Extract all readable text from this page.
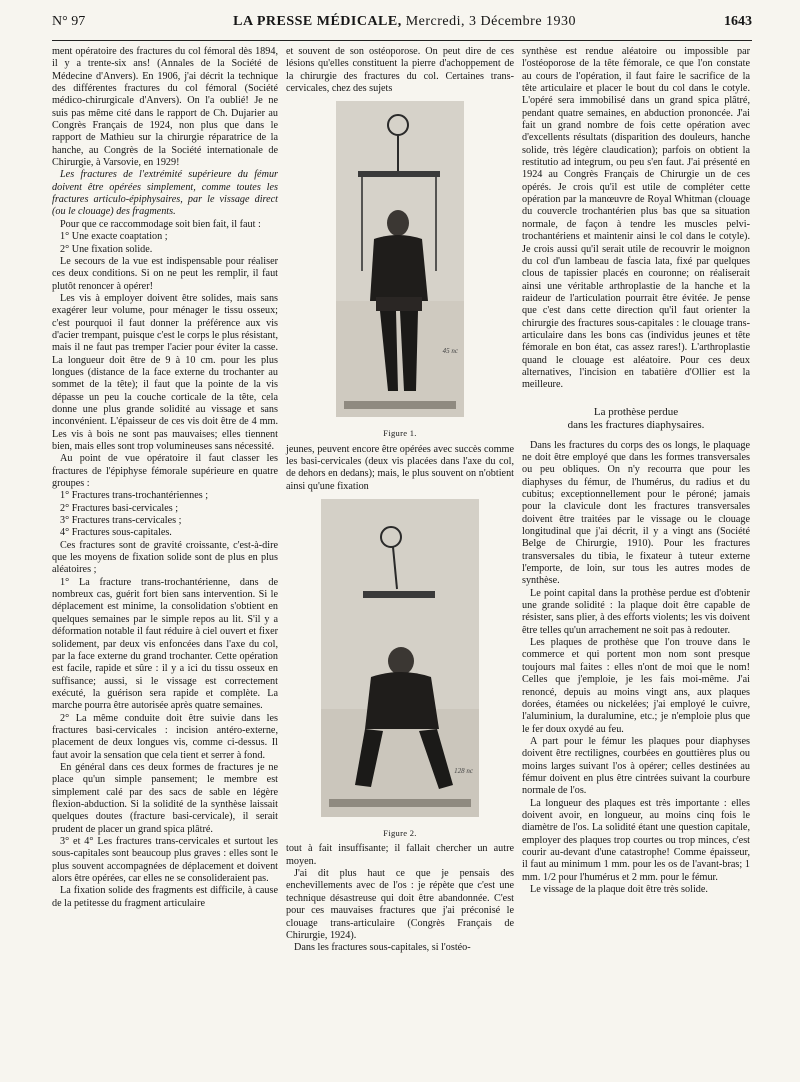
N° 97	LA PRESSE MÉDICALE, Mercredi, 3 Décembre 1930	1643

ment opératoire des fractures du col fémoral dès 1894, il y a trente-six ans! (Annales de la Société de Médecine d'Anvers). En 1906, j'ai décrit la technique des différentes fractures du col fémoral (Société médico-chirurgicale d'Anvers). On l'a oublié! Je ne suis pas même cité dans le rapport de Ch. Dujarier au Congrès Français de 1924, non plus que dans le rapport de Mathieu sur la chirurgie réparatrice de la hanche, au Congrès de la Société internationale de Chirurgie, à Varsovie, en 1929!

Les fractures de l'extrémité supérieure du fémur doivent être opérées simplement, comme toutes les fractures articulo-épiphysaires, par le vissage direct (ou le clouage) des fragments.

Pour que ce raccommodage soit bien fait, il faut :

1° Une exacte coaptation ;

2° Une fixation solide.

Le secours de la vue est indispensable pour réaliser ces deux conditions. Si on ne peut les remplir, il faut plutôt renoncer à opérer!

Les vis à employer doivent être solides, mais sans exagérer leur volume, pour ménager le tissu osseux; c'est pourquoi il faut donner la préférence aux vis d'acier trempant, puisque c'est le corps le plus résistant, mais il ne faut pas tremper l'acier pour éviter la casse. La longueur doit être de 9 à 10 cm. pour les plus longues (distance de la face externe du trochanter au sommet de la tête); il faut que la pointe de la vis dépasse un peu la couche corticale de la tête, cela donne une plus grande solidité au vissage et sans inconvénient. L'épaisseur de ces vis doit être de 4 mm. Les vis à bois ne sont pas mauvaises; elles tiennent bien, mais elles sont trop volumineuses sans nécessité.

Au point de vue opératoire il faut classer les fractures de l'épiphyse fémorale supérieure en quatre groupes :

1° Fractures trans-trochantériennes ;

2° Fractures basi-cervicales ;

3° Fractures trans-cervicales ;

4° Fractures sous-capitales.

Ces fractures sont de gravité croissante, c'est-à-dire que les moyens de fixation solide sont de plus en plus aléatoires ;

1° La fracture trans-trochantérienne, dans de nombreux cas, guérit fort bien sans intervention. Si le déplacement est minime, la consolidation s'obtient en quelques semaines par le simple repos au lit. S'il y a déformation notable il faut réduire à ciel ouvert et fixer solidement, par deux vis enfoncées dans l'axe du col, par la face externe du grand trochanter. Cette opération est facile, rapide et sûre : il y a ici du tissu osseux en suffisance; aussi, si le vissage est correctement exécuté, la guérison sera rapide et complète. La marche pourra être autorisée après quatre semaines.

2° La même conduite doit être suivie dans les fractures basi-cervicales : incision antéro-externe, placement de deux longues vis, comme ci-dessus. Il faut avoir la sensation que cela tient et serrer à fond.

En général dans ces deux formes de fractures je ne place qu'un simple pansement; le membre est simplement calé par des sacs de sable en légère flexion-abduction. Si la solidité de la synthèse laissait quelques doutes (fracture basi-cervicale), il serait prudent de placer un grand spica plâtré.

3° et 4° Les fractures trans-cervicales et surtout les sous-capitales sont beaucoup plus graves : elles sont le plus souvent accompagnées de déplacement et doivent alors être opérées, car elles ne se consolideraient pas.

La fixation solide des fragments est difficile, à cause de la petitesse du fragment articulaire

et souvent de son ostéoporose. On peut dire de ces lésions qu'elles constituent la pierre d'achoppement de la chirurgie des fractures du col. Certaines trans-cervicales, chez des sujets

45 nc
Figure 1.

jeunes, peuvent encore être opérées avec succès comme les basi-cervicales (deux vis placées dans l'axe du col, de dehors en dedans); mais, le plus souvent on n'obtient ainsi qu'une fixation

128 nc
Figure 2.

tout à fait insuffisante; il fallait chercher un autre moyen.

J'ai dit plus haut ce que je pensais des enchevillements avec de l'os : je répète que c'est une technique désastreuse qui doit être abandonnée. C'est pour ces mauvaises fractures que j'ai préconisé le clouage trans-articulaire (Congrès Français de Chirurgie, 1924).

Dans les fractures sous-capitales, si l'ostéo-

synthèse est rendue aléatoire ou impossible par l'ostéoporose de la tête fémorale, ce que l'on constate au cours de l'opération, il faut faire le sacrifice de la tête articulaire et placer le bout du col dans le cotyle. L'opéré sera immobilisé dans un grand spica plâtré, pendant quatre semaines, en abduction prononcée. J'ai fait un grand nombre de fois cette opération avec d'excellents résultats (disparition des douleurs, hanche solide, très légère claudication); parfois on obtient la restitutio ad integrum, ou peu s'en faut. J'ai présenté en 1924 au Congrès Français de Chirurgie un de ces opérés. Je crois qu'il est utile de compléter cette opération par la manœuvre de Royal Whitman (clouage du couvercle trochantérien plus bas que sa situation normale, de façon à tendre les muscles pelvi-trochantériens et maintenir ainsi le col dans le cotyle). Je crois aussi qu'il serait utile de recouvrir le moignon du col d'un lambeau de fascia lata, fixé par quelques clous de tapissier placés en couronne; on réaliserait ainsi une véritable arthroplastie de la hanche et la raideur de l'articulation pourrait être évitée. Je pense que c'est dans cette direction qu'il faut orienter la chirurgie des fractures sous-capitales : le clouage trans-articulaire dans les bons cas (individus jeunes et tête fémorale en bon état, cas assez rares!). L'arthroplastie quand le clouage est aléatoire. Pour ces deux alternatives, l'incision en tabatière d'Ollier est la meilleure.

La prothèse perdue
dans les fractures diaphysaires.

Dans les fractures du corps des os longs, le plaquage ne doit être employé que dans les formes transversales ou peu obliques. On n'y recourra que pour les diaphyses du fémur, de l'humérus, du radius et du cubitus; exceptionnellement pour le péroné; jamais pour la clavicule dont les fractures transversales doivent être traitées par le vissage ou le clouage longitudinal que j'ai décrit, il y a vingt ans (Société Belge de Chirurgie, 1910). Pour les fractures transversales du tibia, le fixateur à tuteur externe l'emporte, de loin, sur tous les autres modes de synthèse.

Le point capital dans la prothèse perdue est d'obtenir une grande solidité : la plaque doit être capable de résister, sans plier, à des efforts violents; les vis doivent être telles qu'un arrachement ne soit pas à redouter.

Les plaques de prothèse que l'on trouve dans le commerce et qui portent mon nom sont presque toujours mal faites : elles n'ont de moi que le nom! Celles que j'emploie, je les fais moi-même. J'ai renoncé, depuis au moins vingt ans, aux plaques dorées, étamées ou nickelées; j'ai employé le cuivre, l'aluminium, la duralumine, etc.; je n'emploie plus que le fer doux oxydé au feu.

A part pour le fémur les plaques pour diaphyses doivent être rectilignes, courbées en gouttières plus ou moins larges suivant l'os à opérer; celles destinées au fémur doivent en plus être cintrées suivant la courbure normale de l'os.

La longueur des plaques est très importante : elles doivent avoir, en longueur, au moins cinq fois le diamètre de l'os. La solidité étant une question capitale, employer des plaques trop courtes ou trop minces, c'est courir au-devant d'une catastrophe! Comme épaisseur, il faut au minimum 1 mm. pour les os de l'avant-bras; 1 mm. 1/2 pour l'humérus et 2 mm. pour le fémur.

Le vissage de la plaque doit être très solide.
